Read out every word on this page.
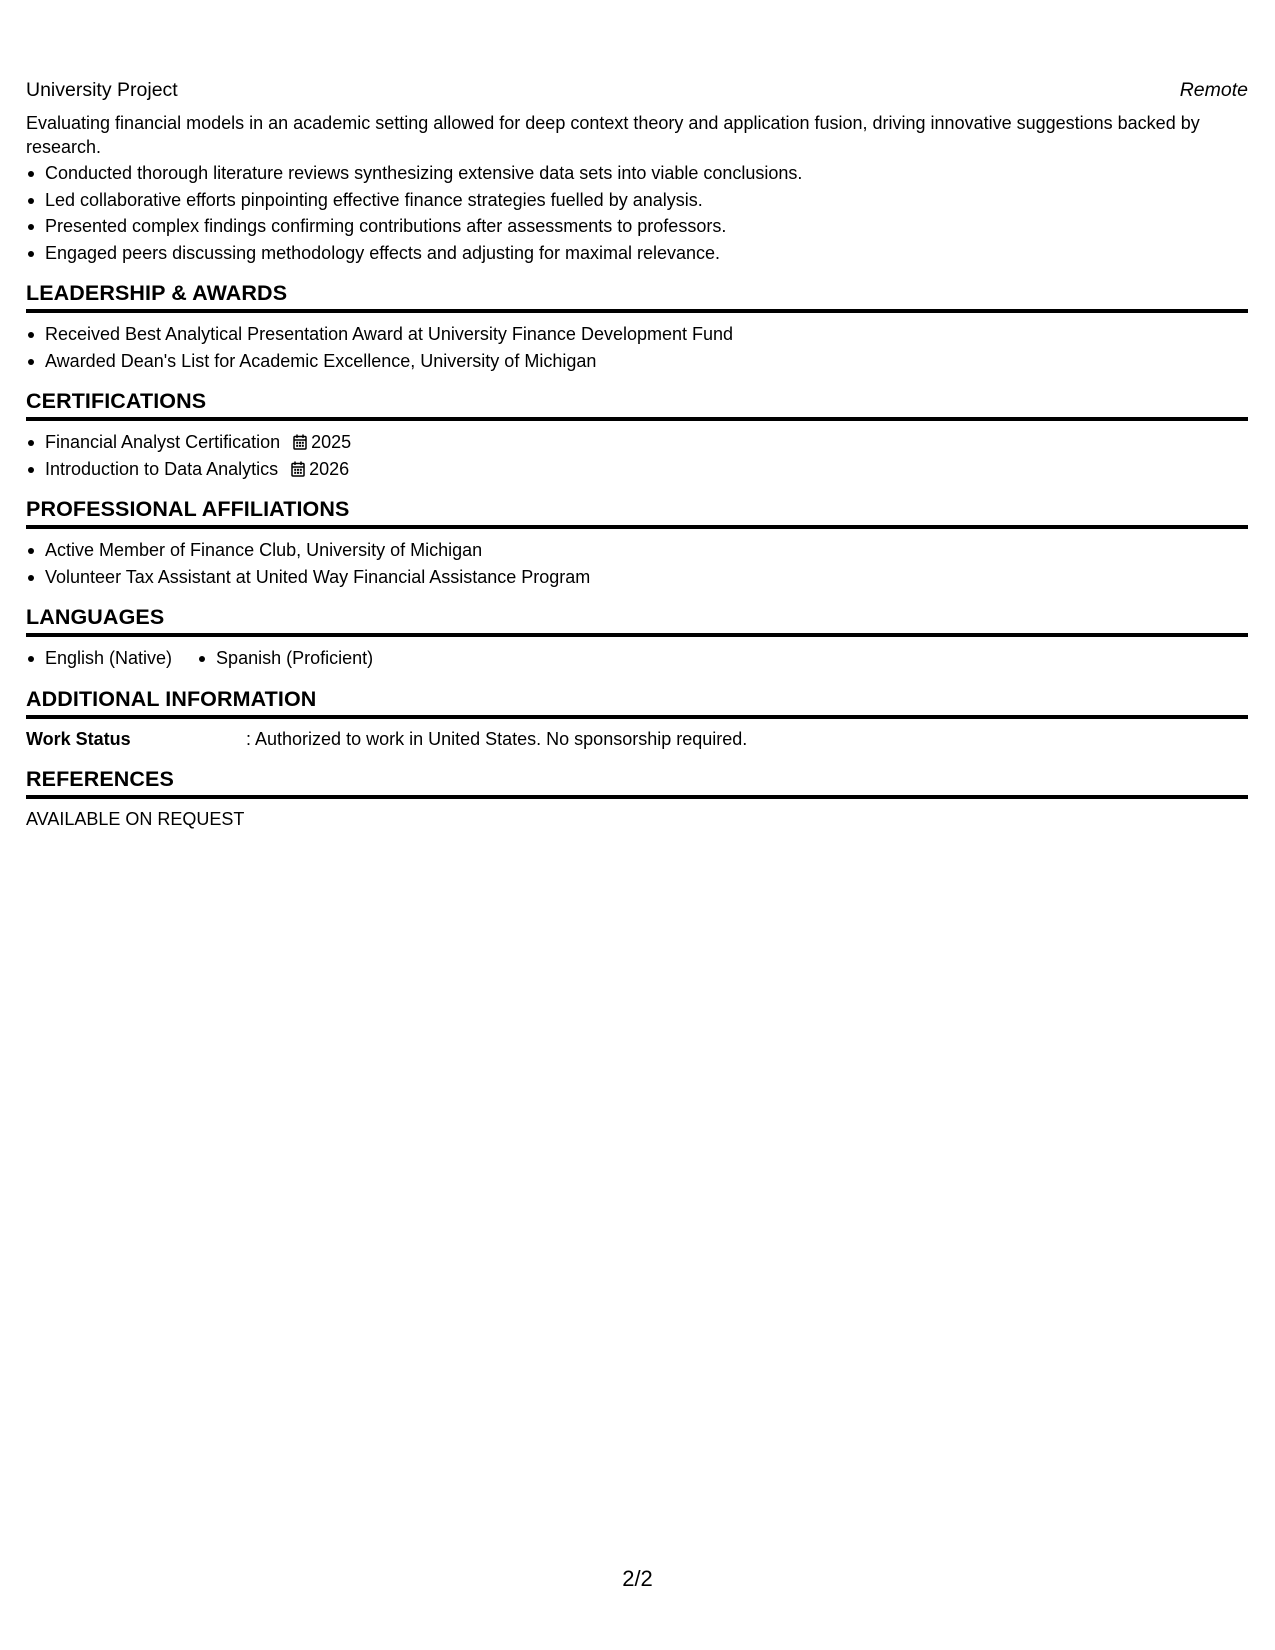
University Project	Remote
Evaluating financial models in an academic setting allowed for deep context theory and application fusion, driving innovative suggestions backed by research.
Conducted thorough literature reviews synthesizing extensive data sets into viable conclusions.
Led collaborative efforts pinpointing effective finance strategies fuelled by analysis.
Presented complex findings confirming contributions after assessments to professors.
Engaged peers discussing methodology effects and adjusting for maximal relevance.
LEADERSHIP & AWARDS
Received Best Analytical Presentation Award at University Finance Development Fund
Awarded Dean's List for Academic Excellence, University of Michigan
CERTIFICATIONS
Financial Analyst Certification 2025
Introduction to Data Analytics 2026
PROFESSIONAL AFFILIATIONS
Active Member of Finance Club, University of Michigan
Volunteer Tax Assistant at United Way Financial Assistance Program
LANGUAGES
English (Native)	Spanish (Proficient)
ADDITIONAL INFORMATION
Work Status	: Authorized to work in United States. No sponsorship required.
REFERENCES
AVAILABLE ON REQUEST
2/2
